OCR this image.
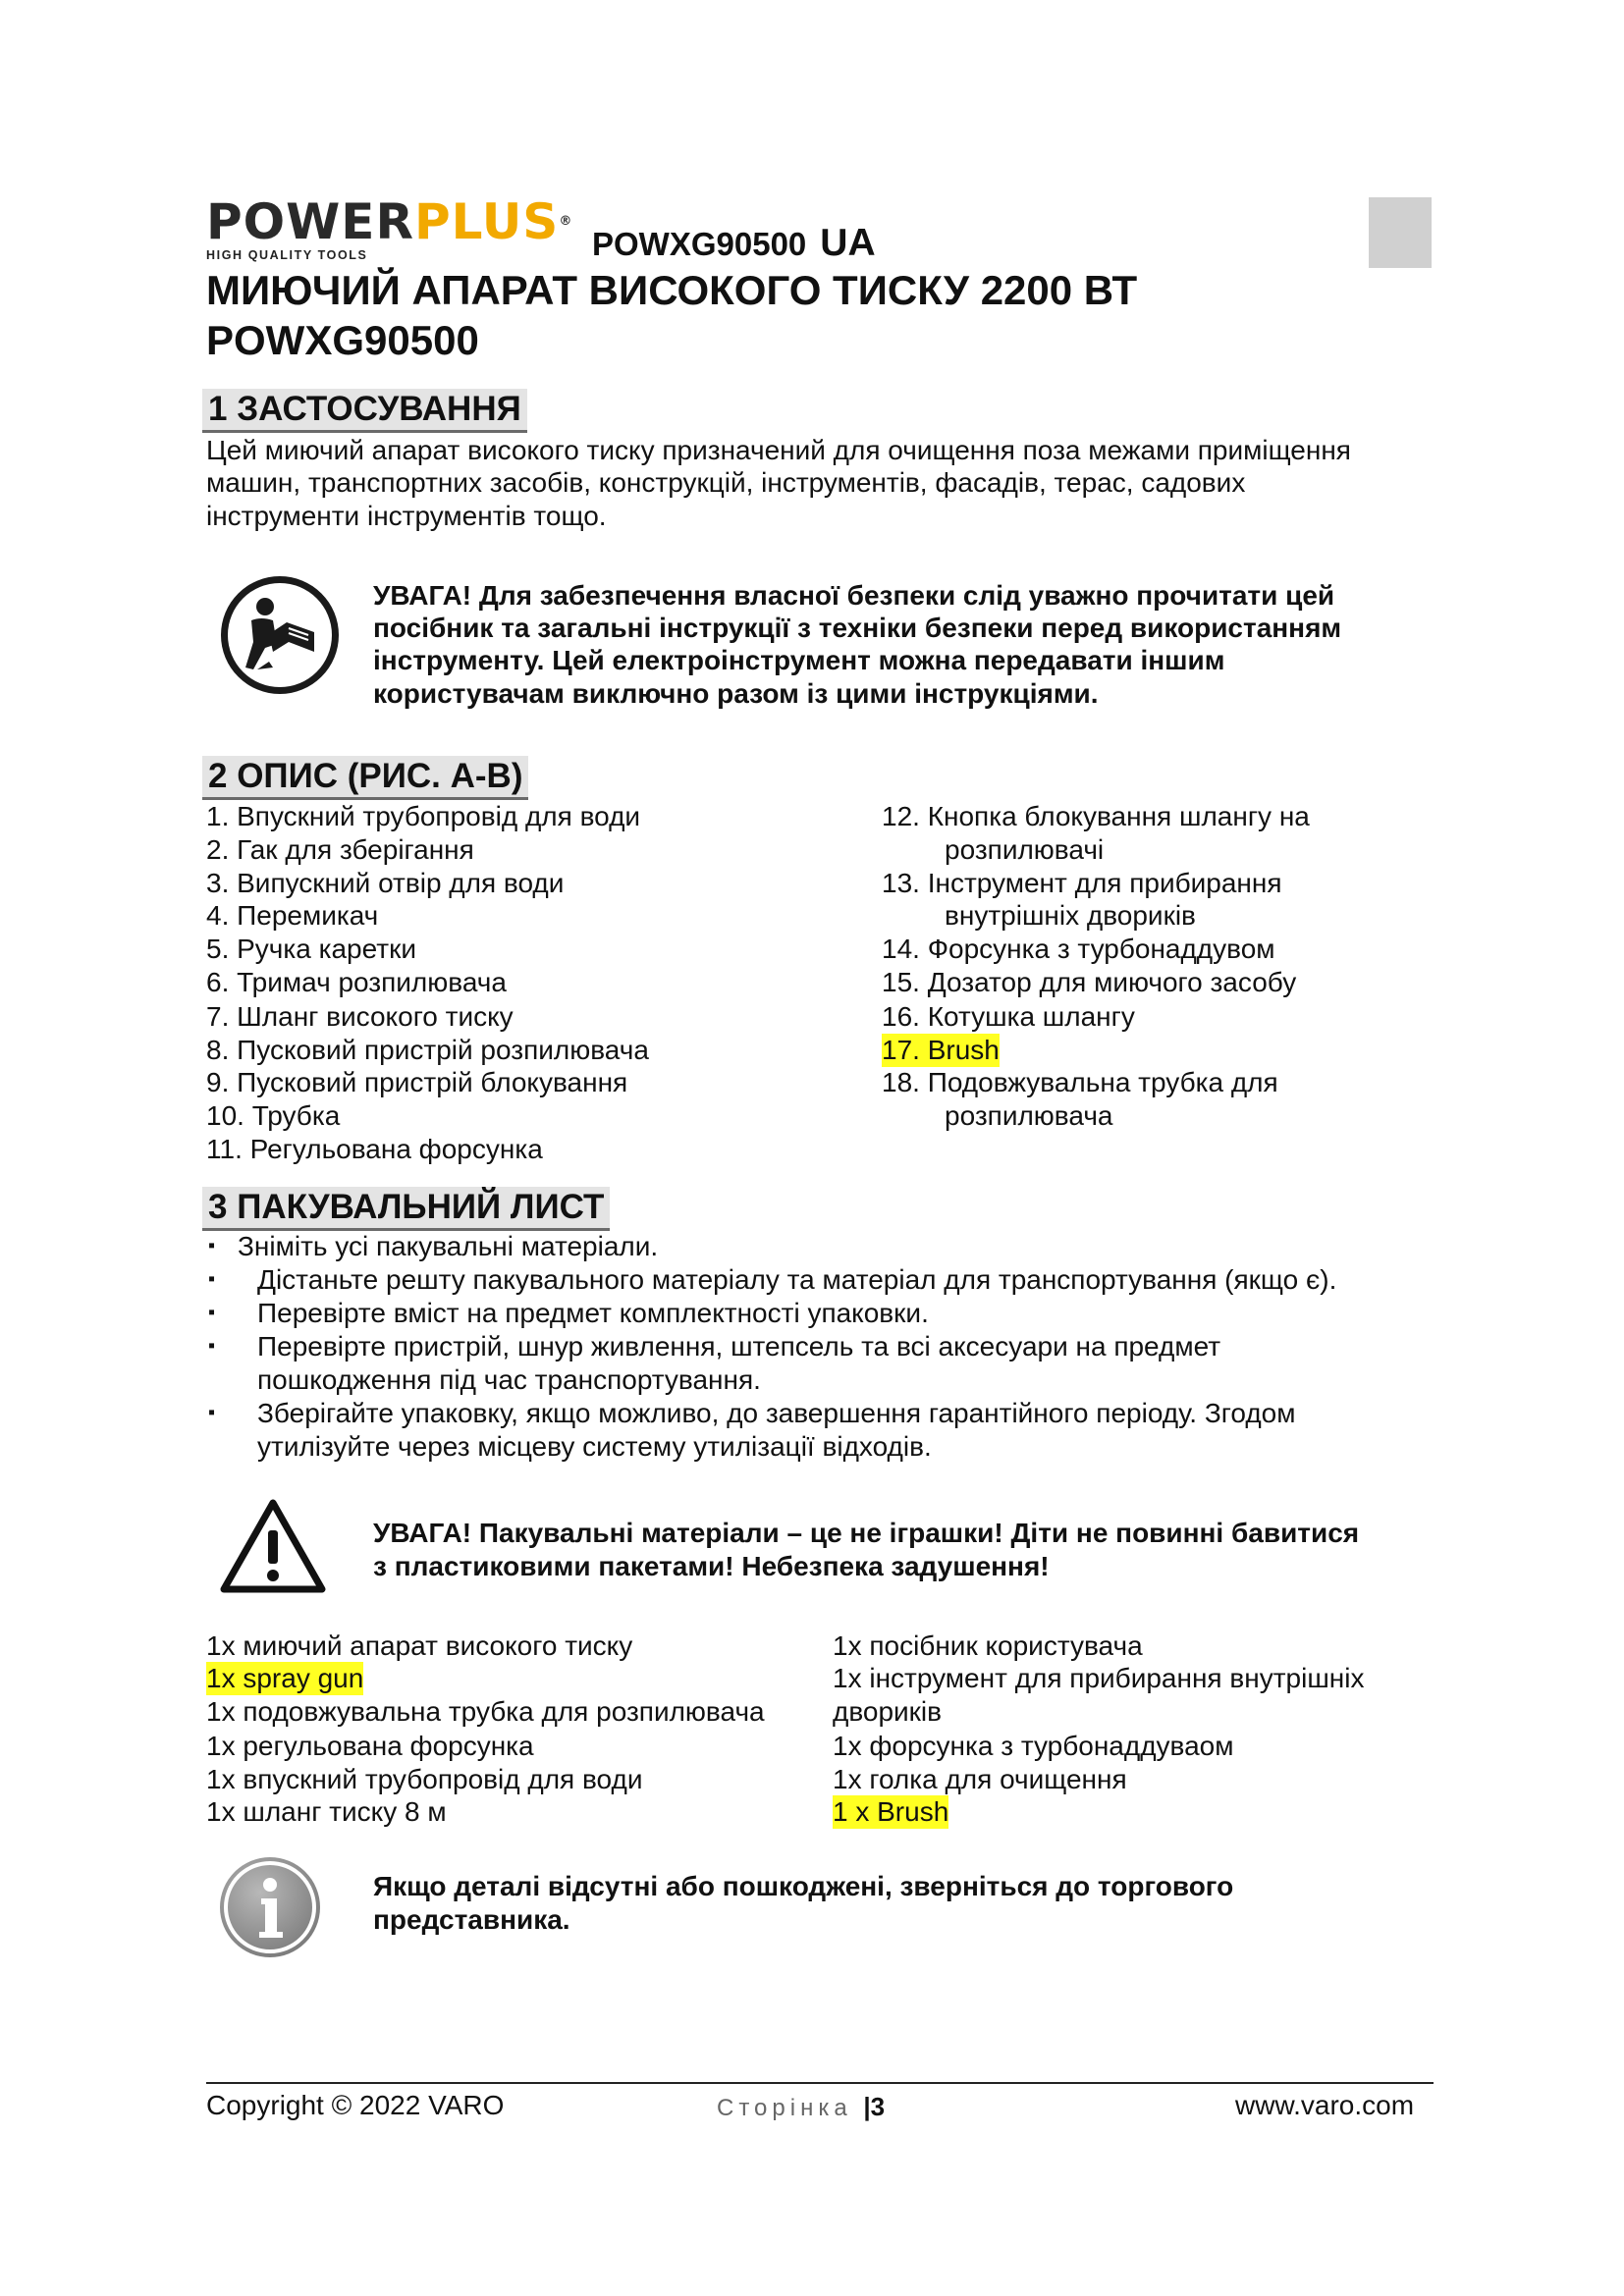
POWERPLUS®
HIGH QUALITY TOOLS	POWXG90500 UA
МИЮЧИЙ АПАРАТ ВИСОКОГО ТИСКУ 2200 ВТ
POWXG90500
1 ЗАСТОСУВАННЯ
Цей миючий апарат високого тиску призначений для очищення поза межами приміщення
машин, транспортних засобів, конструкцій, інструментів, фасадів, терас, садових
інструменти інструментів тощо.
УВАГА! Для забезпечення власної безпеки слід уважно прочитати цей
посібник та загальні інструкції з техніки безпеки перед використанням
інструменту. Цей електроінструмент можна передавати іншим
користувачам виключно разом із цими інструкціями.
2 ОПИС (РИС. A-B)
1. Впускний трубопровід для води
2. Гак для зберігання
3. Випускний отвір для води
4. Перемикач
5. Ручка каретки
6. Тримач розпилювача
7. Шланг високого тиску
8. Пусковий пристрій розпилювача
9. Пусковий пристрій блокування
10. Трубка
11. Регульована форсунка
12. Кнопка блокування шлангу на
розпилювачі
13. Інструмент для прибирання
внутрішніх двориків
14. Форсунка з турбонаддувом
15. Дозатор для миючого засобу
16. Котушка шлангу
17. Brush
18. Подовжувальна трубка для
розпилювача
3 ПАКУВАЛЬНИЙ ЛИСТ
▪ Зніміть усі пакувальні матеріали.
▪ Дістаньте решту пакувального матеріалу та матеріал для транспортування (якщо є).
▪ Перевірте вміст на предмет комплектності упаковки.
▪ Перевірте пристрій, шнур живлення, штепсель та всі аксесуари на предмет
пошкодження під час транспортування.
▪ Зберігайте упаковку, якщо можливо, до завершення гарантійного періоду. Згодом
утилізуйте через місцеву систему утилізації відходів.
УВАГА! Пакувальні матеріали – це не іграшки! Діти не повинні бавитися
з пластиковими пакетами! Небезпека задушення!
1x миючий апарат високого тиску
1x spray gun
1x подовжувальна трубка для розпилювача
1x регульована форсунка
1x впускний трубопровід для води
1x шланг тиску 8 м
1x посібник користувача
1x інструмент для прибирання внутрішніх
двориків
1x форсунка з турбонаддуваом
1x голка для очищення
1 x Brush
Якщо деталі відсутні або пошкоджені, зверніться до торгового
представника.
Copyright © 2022 VARO	Сторінка |3	www.varo.com
